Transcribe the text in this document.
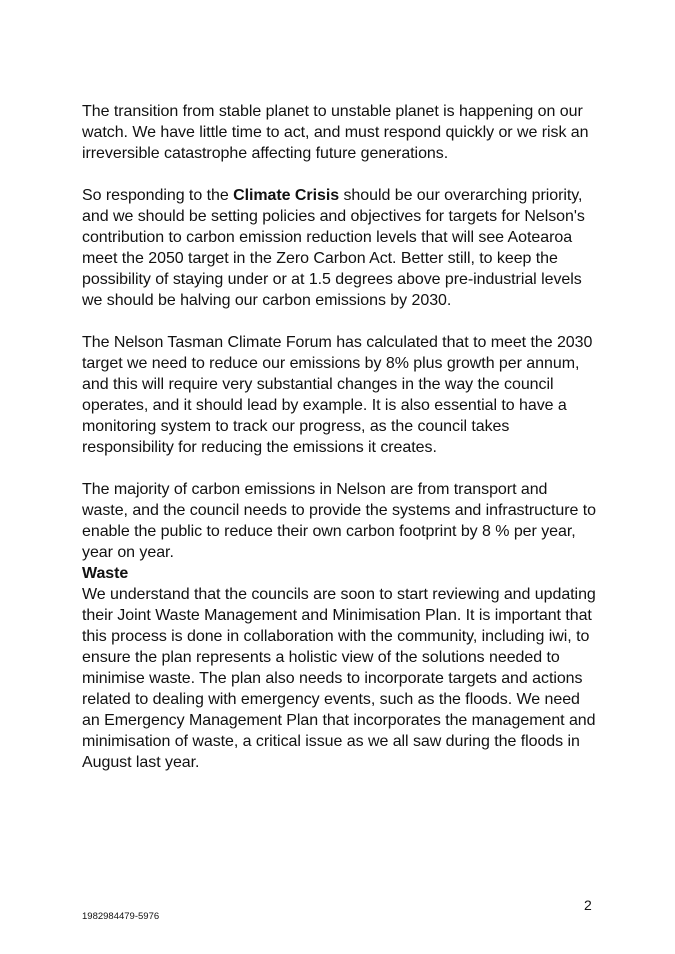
The transition from stable planet to unstable planet is happening on our watch. We have little time to act, and must respond quickly or we risk an irreversible catastrophe affecting future generations.

So responding to the Climate Crisis should be our overarching priority, and we should be setting policies and objectives for targets for Nelson's contribution to carbon emission reduction levels that will see Aotearoa meet the 2050 target in the Zero Carbon Act. Better still, to keep the possibility of staying under or at 1.5 degrees above pre-industrial levels we should be halving our carbon emissions by 2030.

The Nelson Tasman Climate Forum has calculated that to meet the 2030 target we need to reduce our emissions by 8% plus growth per annum, and this will require very substantial changes in the way the council operates, and it should lead by example. It is also essential to have a monitoring system to track our progress, as the council takes responsibility for reducing the emissions it creates.

The majority of carbon emissions in Nelson are from transport and waste, and the council needs to provide the systems and infrastructure to enable the public to reduce their own carbon footprint by 8 % per year, year on year.

Waste

We understand that the councils are soon to start reviewing and updating their Joint Waste Management and Minimisation Plan. It is important that this process is done in collaboration with the community, including iwi, to ensure the plan represents a holistic view of the solutions needed to minimise waste. The plan also needs to incorporate targets and actions related to dealing with emergency events, such as the floods. We need an Emergency Management Plan that incorporates the management and minimisation of waste, a critical issue as we all saw during the floods in August last year.

2
1982984479-5976
